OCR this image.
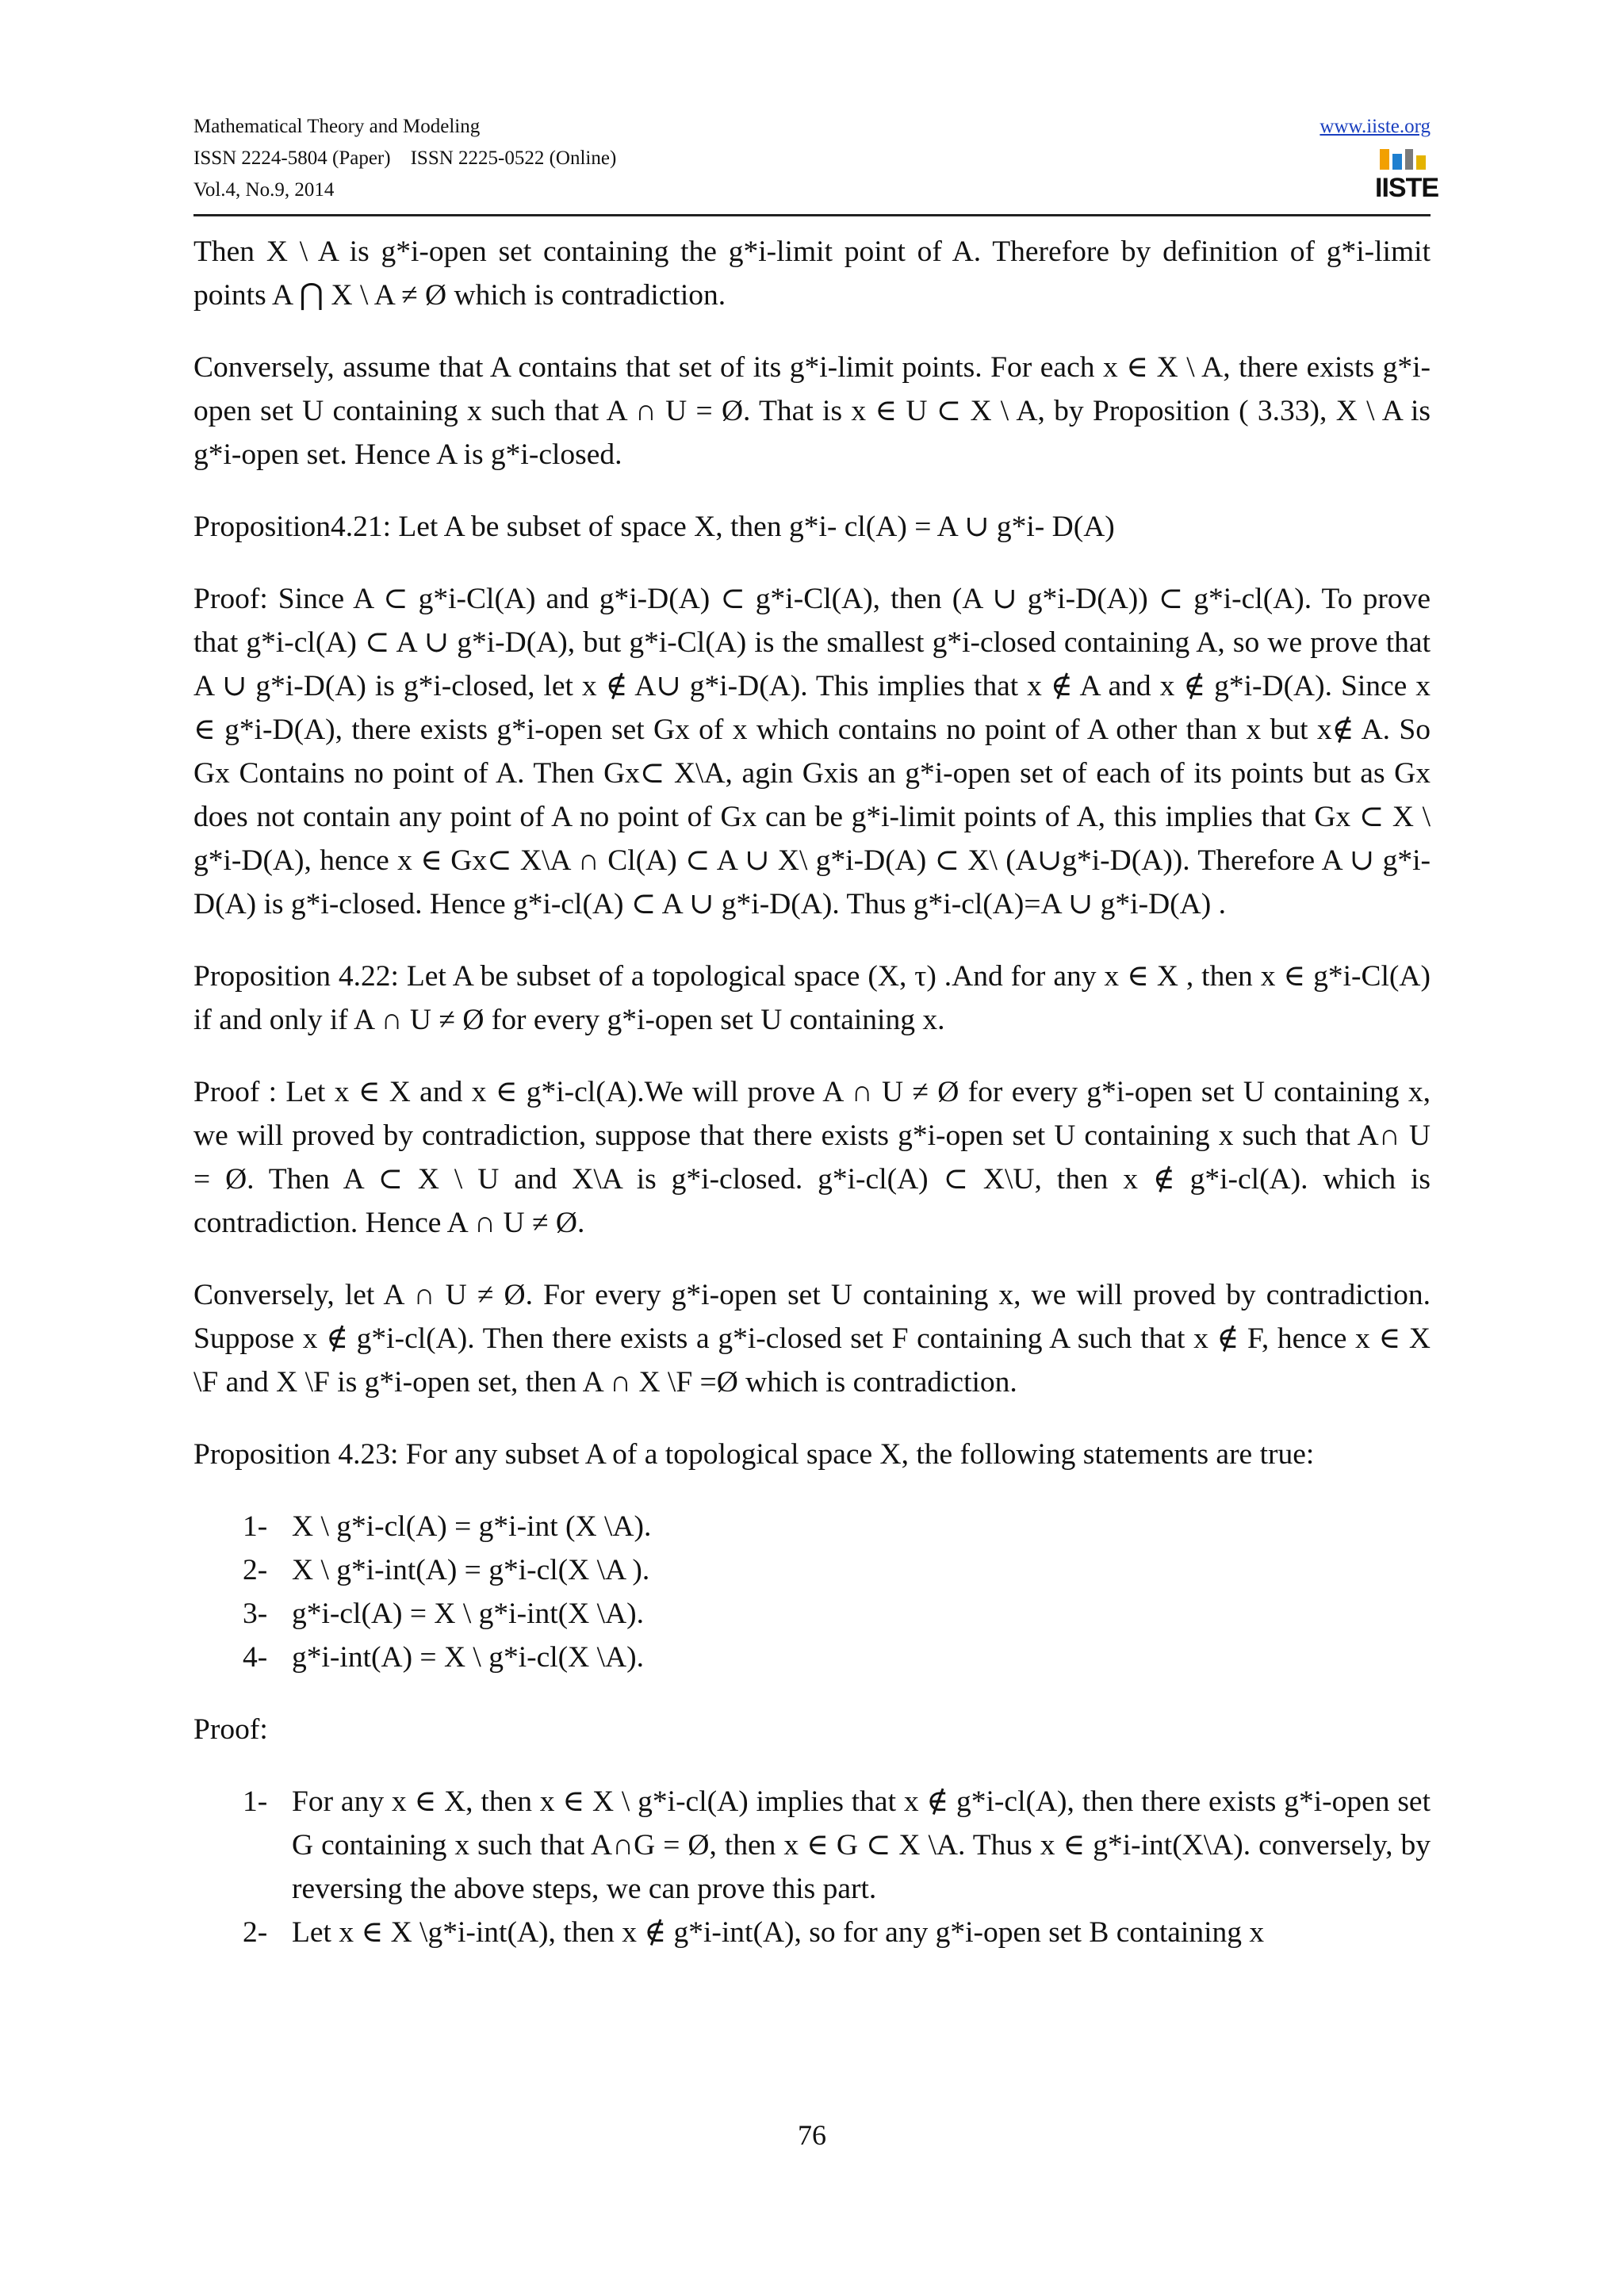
Mathematical Theory and Modeling
ISSN 2224-5804 (Paper)    ISSN 2225-0522 (Online)
Vol.4, No.9, 2014
www.iiste.org
IISTE

Then X \ A is g*i-open set containing the g*i-limit point of A. Therefore by definition of g*i-limit points A ⋂ X \ A ≠ Ø which is contradiction.

Conversely, assume that A contains that set of its g*i-limit points. For each x ∈ X \ A, there exists g*i-open set U containing x such that A ∩ U = Ø. That is x ∈ U ⊂ X \ A, by Proposition ( 3.33), X \ A is g*i-open set. Hence A is g*i-closed.

Proposition4.21: Let A be subset of space X, then g*i- cl(A) = A ∪ g*i- D(A)

Proof: Since A ⊂ g*i-Cl(A) and g*i-D(A) ⊂ g*i-Cl(A), then (A ∪ g*i-D(A)) ⊂ g*i-cl(A). To prove that g*i-cl(A) ⊂ A ∪ g*i-D(A), but g*i-Cl(A) is the smallest g*i-closed containing A, so we prove that A ∪ g*i-D(A) is g*i-closed, let x ∉ A∪ g*i-D(A). This implies that x ∉ A and x ∉ g*i-D(A). Since x ∈ g*i-D(A), there exists g*i-open set Gx of x which contains no point of A other than x but x∉ A. So Gx Contains no point of A. Then Gx⊂ X\A, agin Gxis an g*i-open set of each of its points but as Gx does not contain any point of A no point of Gx can be g*i-limit points of A, this implies that Gx ⊂ X \ g*i-D(A), hence x ∈ Gx⊂ X\A ∩ Cl(A) ⊂ A ∪ X\ g*i-D(A) ⊂ X\ (A∪g*i-D(A)). Therefore A ∪ g*i-D(A) is g*i-closed. Hence g*i-cl(A) ⊂ A ∪ g*i-D(A). Thus g*i-cl(A)=A ∪ g*i-D(A) .

Proposition 4.22: Let A be subset of a topological space (X, τ) .And for any x ∈ X , then x ∈ g*i-Cl(A) if and only if A ∩ U ≠ Ø for every g*i-open set U containing x.

Proof : Let x ∈ X and x ∈ g*i-cl(A).We will prove A ∩ U ≠ Ø for every g*i-open set U containing x, we will proved by contradiction, suppose that there exists g*i-open set U containing x such that A∩ U = Ø. Then A ⊂ X \ U and X\A is g*i-closed. g*i-cl(A) ⊂ X\U, then x ∉ g*i-cl(A). which is contradiction. Hence A ∩ U ≠ Ø.

Conversely, let A ∩ U ≠ Ø. For every g*i-open set U containing x, we will proved by contradiction. Suppose x ∉ g*i-cl(A). Then there exists a g*i-closed set F containing A such that x ∉ F, hence x ∈ X \F and X \F is g*i-open set, then A ∩ X \F =Ø which is contradiction.

Proposition 4.23: For any subset A of a topological space X, the following statements are true:

1- X \ g*i-cl(A) = g*i-int (X \A).
2- X \ g*i-int(A) = g*i-cl(X \A ).
3- g*i-cl(A) = X \ g*i-int(X \A).
4- g*i-int(A) = X \ g*i-cl(X \A).

Proof:

1- For any x ∈ X, then x ∈ X \ g*i-cl(A) implies that x ∉ g*i-cl(A), then there exists g*i-open set G containing x such that A∩G = Ø, then x ∈ G ⊂ X \A. Thus x ∈ g*i-int(X\A). conversely, by reversing the above steps, we can prove this part.
2- Let x ∈ X \g*i-int(A), then x ∉ g*i-int(A), so for any g*i-open set B containing x
76
